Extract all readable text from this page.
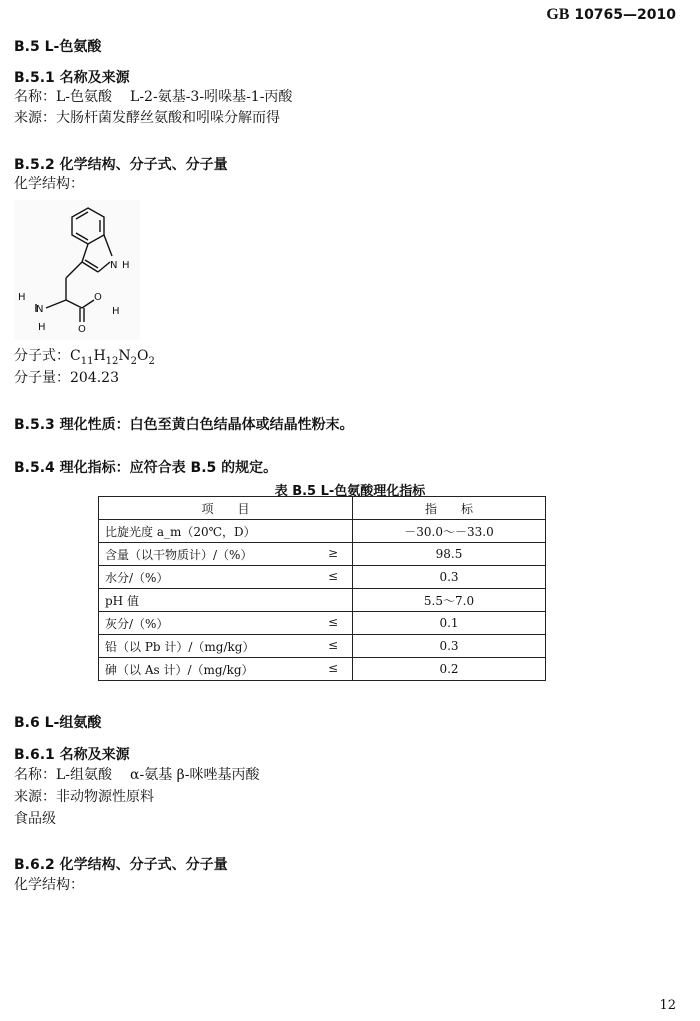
GB 10765—2010
B.5 L-色氨酸
B.5.1 名称及来源
名称：L-色氨酸 L-2-氨基-3-吲哚基-1-丙酸
来源：大肠杆菌发酵丝氨酸和吲哚分解而得
B.5.2 化学结构、分子式、分子量
化学结构：
N H
H
N
H	O
O
H
分子式：$C_{11}H_{12}N_2O_2$
分子量：204.23
B.5.3 理化性质：白色至黄白色结晶体或结晶性粉末。
B.5.4 理化指标：应符合表 B.5 的规定。
表 B.5 L-色氨酸理化指标
项　　目	指　　标
比旋光度 a_m（20℃，D）	－30.0～－33.0
含量（以干物质计）/（%） ≥	98.5
水分/（%） ≤	0.3
pH 值	5.5～7.0
灰分/（%） ≤	0.1
铅（以 Pb 计）/（mg/kg） ≤	0.3
砷（以 As 计）/（mg/kg） ≤	0.2
B.6 L-组氨酸
B.6.1 名称及来源
名称：L-组氨酸 α-氨基 β-咪唑基丙酸
来源：非动物源性原料
食品级
B.6.2 化学结构、分子式、分子量
化学结构：
12
